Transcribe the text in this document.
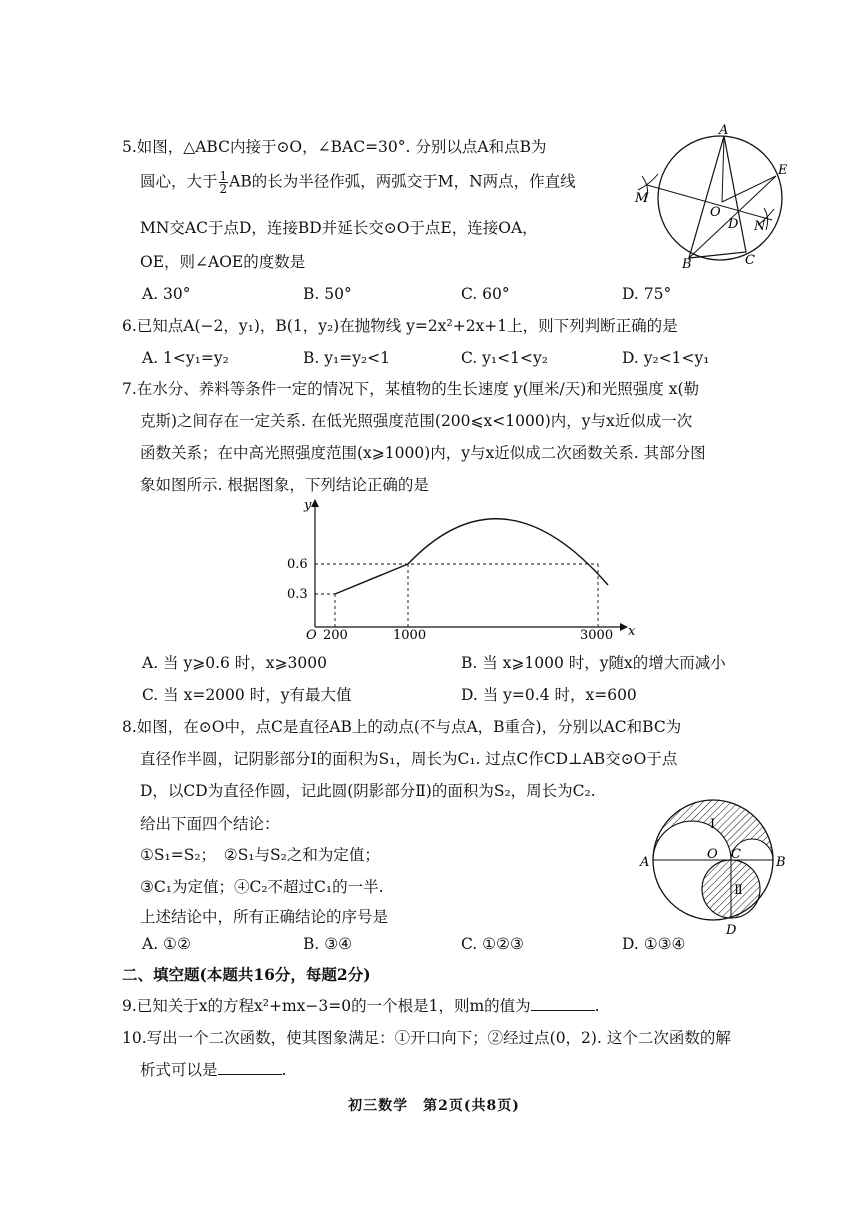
5.如图，△ABC内接于⊙O，∠BAC=30°. 分别以点A和点B为
圆心，大于 $\frac{1}{2}$ AB的长为半径作弧，两弧交于M，N两点，作直线
MN交AC于点D，连接BD并延长交⊙O于点E，连接OA，
OE，则∠AOE的度数是
A. 30°	B. 50°	C. 60°	D. 75°
A
E
M
O
D N
B	C
6.已知点A(−2，y₁)，B(1，y₂)在抛物线 y=2x²+2x+1上，则下列判断正确的是
A. 1<y₁=y₂	B. y₁=y₂<1	C. y₁<1<y₂	D. y₂<1<y₁
7.在水分、养料等条件一定的情况下，某植物的生长速度 y(厘米/天)和光照强度 x(勒
克斯)之间存在一定关系. 在低光照强度范围(200⩽x<1000)内，y与x近似成一次
函数关系；在中高光照强度范围(x⩾1000)内，y与x近似成二次函数关系. 其部分图
象如图所示. 根据图象，下列结论正确的是
y
x
O
0.6
0.3
200	1000	3000
A. 当 y⩾0.6 时，x⩾3000	B. 当 x⩾1000 时，y随x的增大而减小
C. 当 x=2000 时，y有最大值	D. 当 y=0.4 时，x=600
8.如图，在⊙O中，点C是直径AB上的动点(不与点A，B重合)，分别以AC和BC为
直径作半圆，记阴影部分Ⅰ的面积为S₁，周长为C₁. 过点C作CD⊥AB交⊙O于点
D，以CD为直径作圆，记此圆(阴影部分Ⅱ)的面积为S₂，周长为C₂.
给出下面四个结论：
①S₁=S₂；　②S₁与S₂之和为定值；
③C₁为定值；④C₂不超过C₁的一半.
上述结论中，所有正确结论的序号是
A. ①②	B. ③④	C. ①②③	D. ①③④
Ⅰ
Ⅱ
A
O C
B
D
二、填空题(本题共16分，每题2分)
9.已知关于x的方程x²+mx−3=0的一个根是1，则m的值为	.
10.写出一个二次函数，使其图象满足：①开口向下；②经过点(0，2). 这个二次函数的解
析式可以是	.
初三数学　第2页(共8页)
